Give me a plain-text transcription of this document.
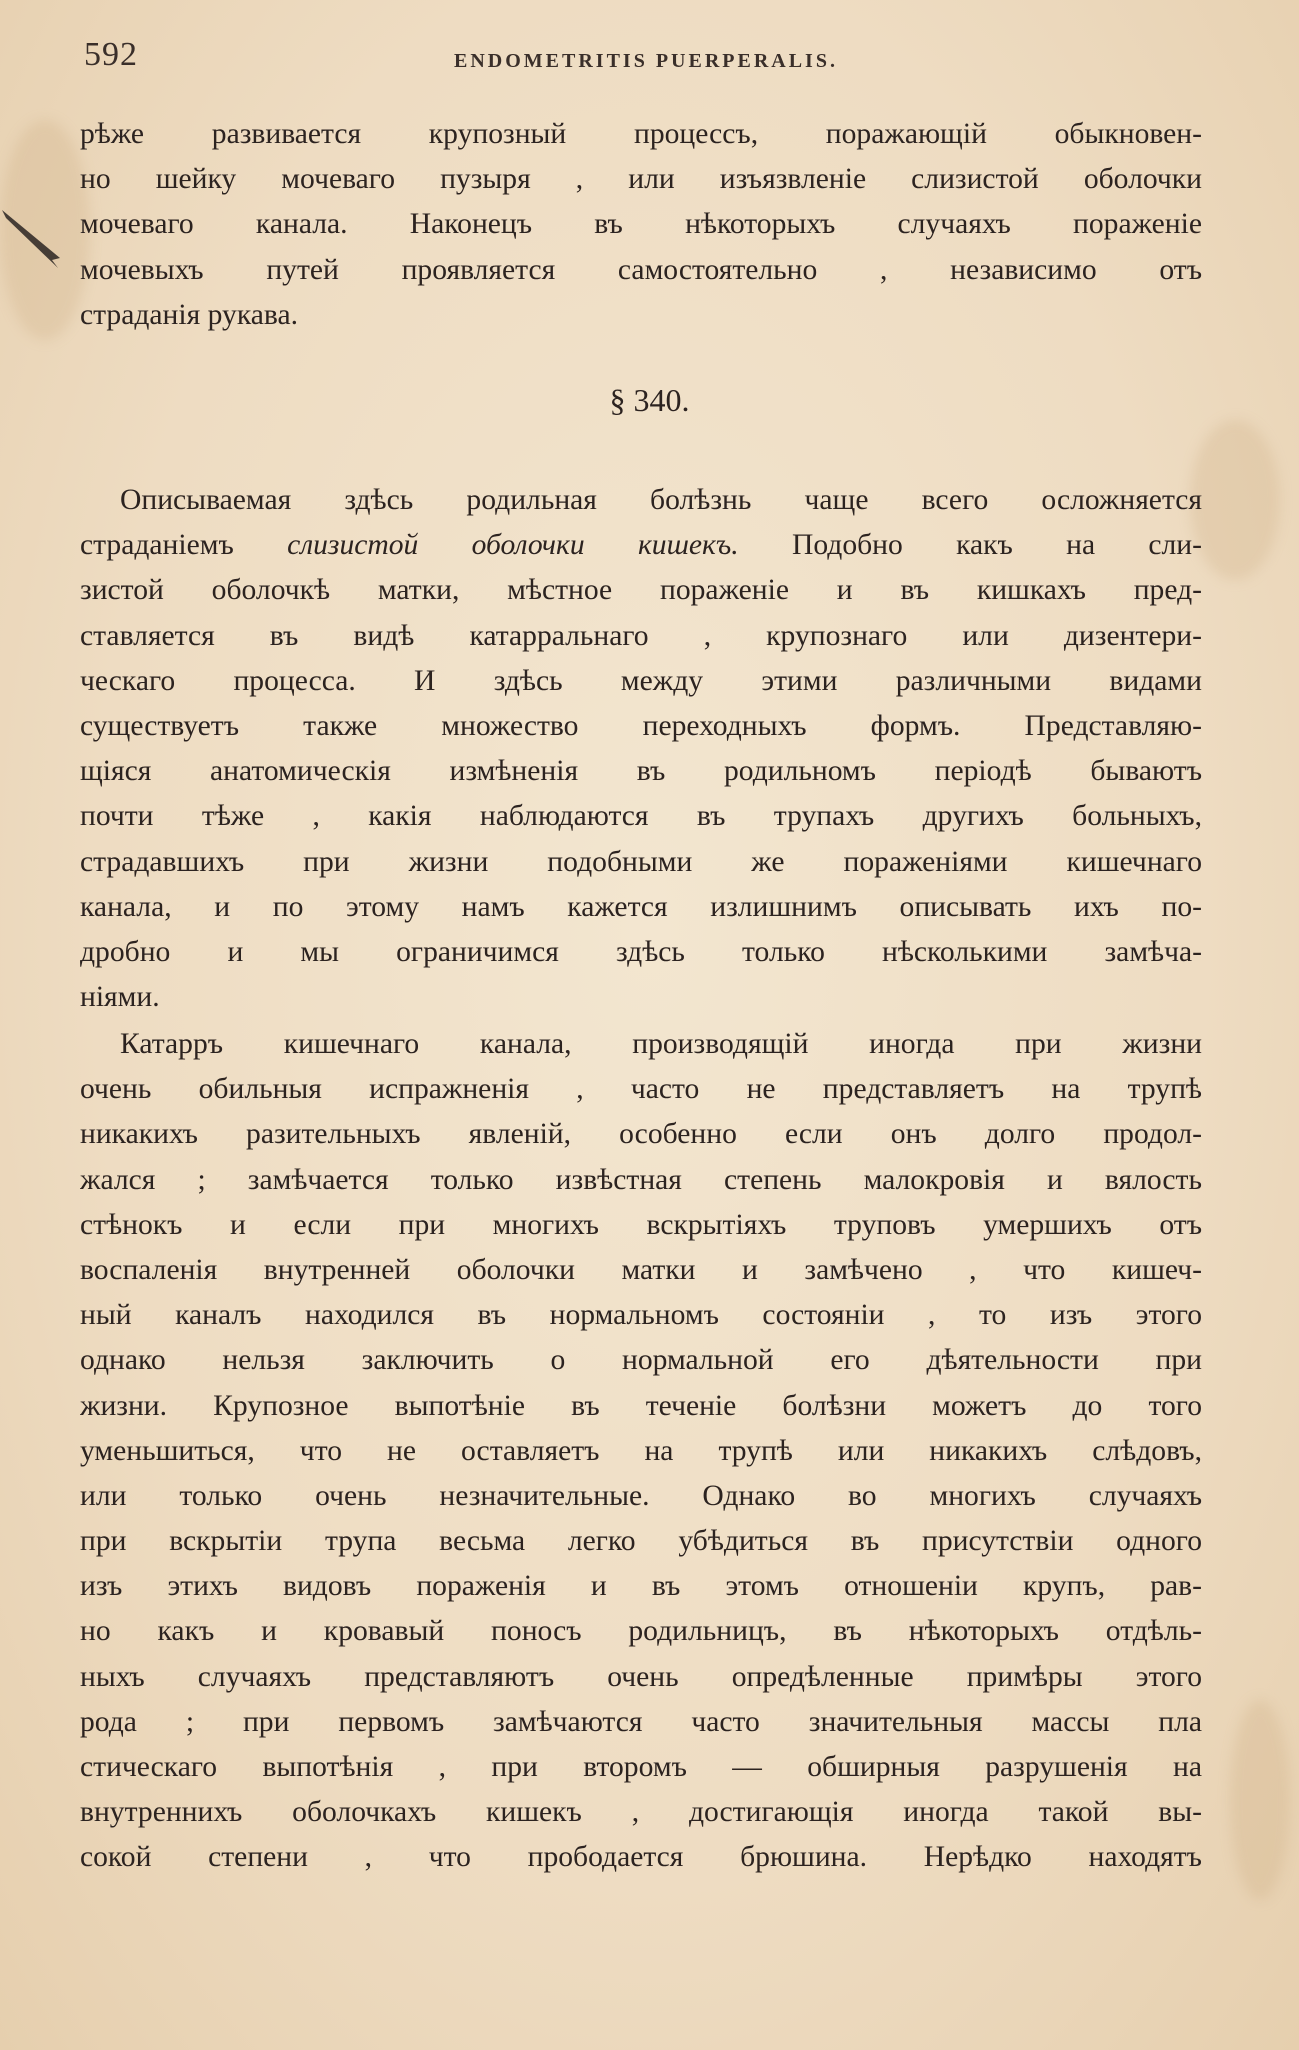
592	ENDOMETRITIS PUERPERALIS.
рѣже развивается крупозный процессъ, поражающій обыкновен-
но шейку мочеваго пузыря , или изъязвленіе слизистой оболочки
мочеваго канала. Наконецъ въ нѣкоторыхъ случаяхъ пораженіе
мочевыхъ путей проявляется самостоятельно , независимо отъ
страданія рукава.
§ 340.
Описываемая здѣсь родильная болѣзнь чаще всего осложняется
страданіемъ слизистой оболочки кишекъ. Подобно какъ на сли-
зистой оболочкѣ матки, мѣстное пораженіе и въ кишкахъ пред-
ставляется въ видѣ катарральнаго , крупознаго или дизентери-
ческаго процесса. И здѣсь между этими различными видами
существуетъ также множество переходныхъ формъ. Представляю-
щіяся анатомическія измѣненія въ родильномъ періодѣ бываютъ
почти тѣже , какія наблюдаются въ трупахъ другихъ больныхъ,
страдавшихъ при жизни подобными же пораженіями кишечнаго
канала, и по этому намъ кажется излишнимъ описывать ихъ по-
дробно и мы ограничимся здѣсь только нѣсколькими замѣча-
ніями.
Катарръ кишечнаго канала, производящій иногда при жизни
очень обильныя испражненія , часто не представляетъ на трупѣ
никакихъ разительныхъ явленій, особенно если онъ долго продол-
жался ; замѣчается только извѣстная степень малокровія и вялость
стѣнокъ и если при многихъ вскрытіяхъ труповъ умершихъ отъ
воспаленія внутренней оболочки матки и замѣчено , что кишеч-
ный каналъ находился въ нормальномъ состояніи , то изъ этого
однако нельзя заключить о нормальной его дѣятельности при
жизни. Крупозное выпотѣніе въ теченіе болѣзни можетъ до того
уменьшиться, что не оставляетъ на трупѣ или никакихъ слѣдовъ,
или только очень незначительные. Однако во многихъ случаяхъ
при вскрытіи трупа весьма легко убѣдиться въ присутствіи одного
изъ этихъ видовъ пораженія и въ этомъ отношеніи крупъ, рав-
но какъ и кровавый поносъ родильницъ, въ нѣкоторыхъ отдѣль-
ныхъ случаяхъ представляютъ очень опредѣленные примѣры этого
рода ; при первомъ замѣчаются часто значительныя массы пла
стическаго выпотѣнія , при второмъ — обширныя разрушенія на
внутреннихъ оболочкахъ кишекъ , достигающія иногда такой вы-
сокой степени , что прободается брюшина. Нерѣдко находятъ
